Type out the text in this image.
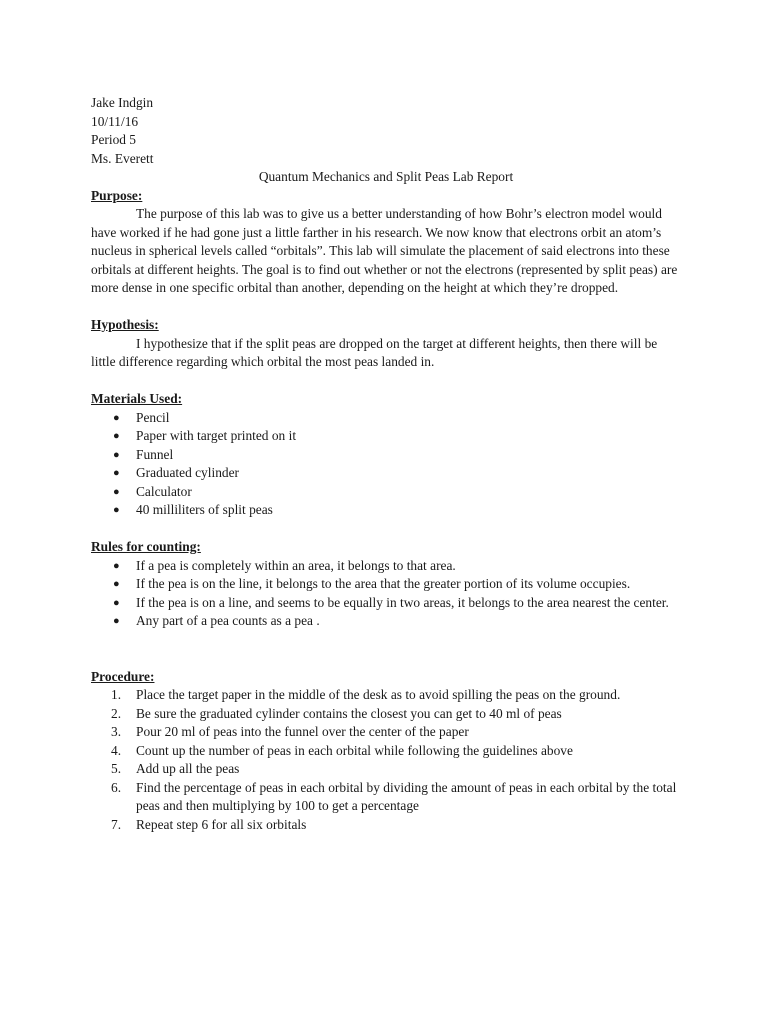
Jake Indgin
10/11/16
Period 5
Ms. Everett
Quantum Mechanics and Split Peas Lab Report
Purpose:

The purpose of this lab was to give us a better understanding of how Bohr’s electron model would have worked if he had gone just a little farther in his research. We now know that electrons orbit an atom’s nucleus in spherical levels called “orbitals”. This lab will simulate the placement of said electrons into these orbitals at different heights. The goal is to find out whether or not the electrons (represented by split peas) are more dense in one specific orbital than another, depending on the height at which they’re dropped.

Hypothesis:

I hypothesize that if the split peas are dropped on the target at different heights, then there will be little difference regarding which orbital the most peas landed in.

Materials Used:
● Pencil
● Paper with target printed on it
● Funnel
● Graduated cylinder
● Calculator
● 40 milliliters of split peas
Rules for counting:
● If a pea is completely within an area, it belongs to that area.
● If the pea is on the line, it belongs to the area that the greater portion of its volume occupies.
● If the pea is on a line, and seems to be equally in two areas, it belongs to the area nearest the center.
● Any part of a pea counts as a pea .
Procedure:
1. Place the target paper in the middle of the desk as to avoid spilling the peas on the ground.
2. Be sure the graduated cylinder contains the closest you can get to 40 ml of peas
3. Pour 20 ml of peas into the funnel over the center of the paper
4. Count up the number of peas in each orbital while following the guidelines above
5. Add up all the peas
6. Find the percentage of peas in each orbital by dividing the amount of peas in each orbital by the total peas and then multiplying by 100 to get a percentage
7. Repeat step 6 for all six orbitals
